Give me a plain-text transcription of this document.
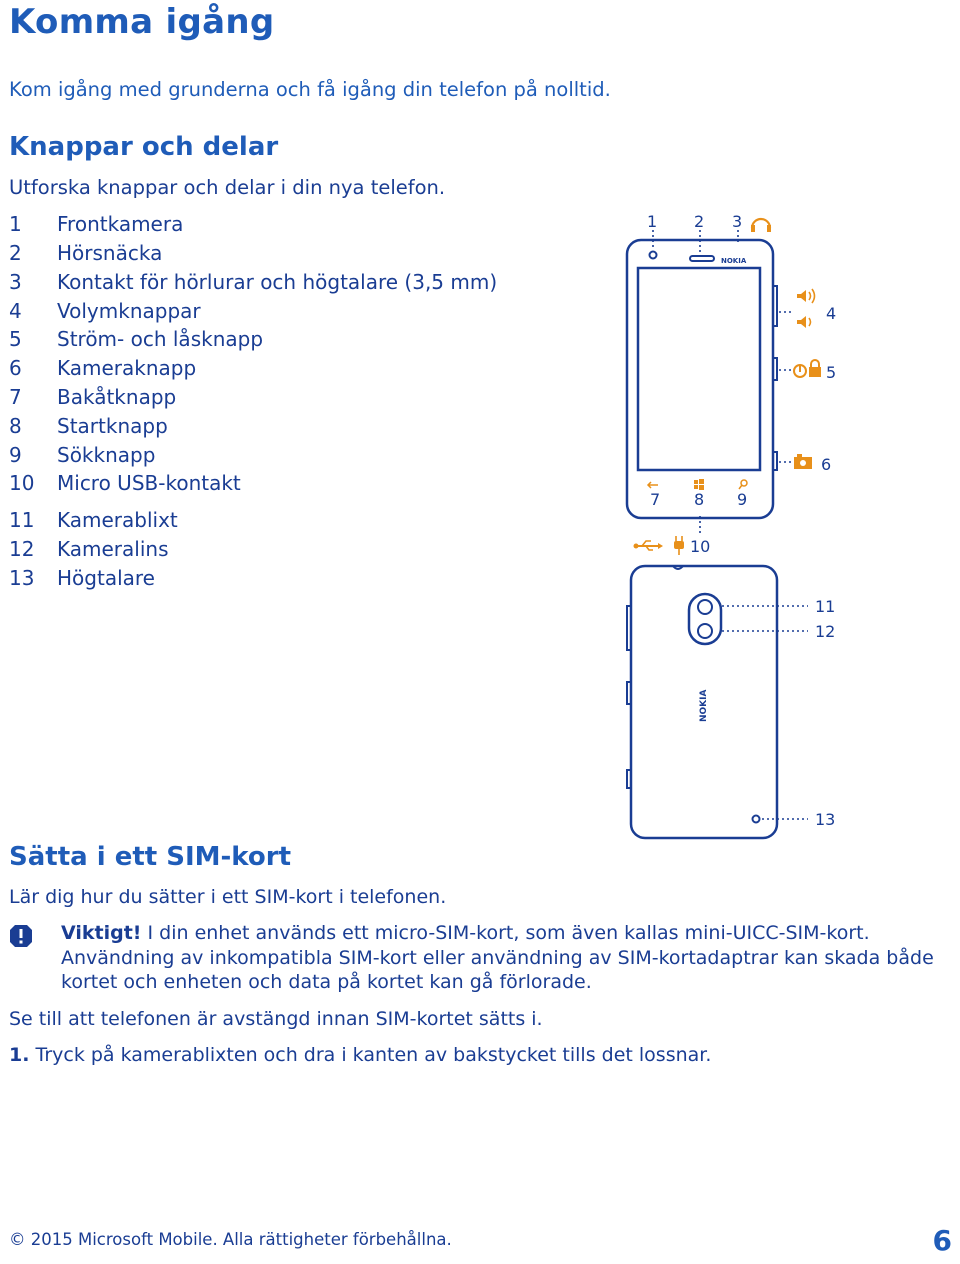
Komma igång
Kom igång med grunderna och få igång din telefon på nolltid.
Knappar och delar
Utforska knappar och delar i din nya telefon.
1 Frontkamera
2 Hörsnäcka
3 Kontakt för hörlurar och högtalare (3,5 mm)
4 Volymknappar
5 Ström- och låsknapp
6 Kameraknapp
7 Bakåtknapp
8 Startknapp
9 Sökknapp
10 Micro USB-kontakt
11 Kamerablixt
12 Kameralins
13 Högtalare
NOKIA
NOKIA
1 2 3
4
5
6
7 8 9
10
11
12
13
Sätta i ett SIM-kort
Lär dig hur du sätter i ett SIM-kort i telefonen.
Viktigt! I din enhet används ett micro-SIM-kort, som även kallas mini-UICC-SIM-kort.
Användning av inkompatibla SIM-kort eller användning av SIM-kortadaptrar kan skada både
kortet och enheten och data på kortet kan gå förlorade.
Se till att telefonen är avstängd innan SIM-kortet sätts i.
1. Tryck på kamerablixten och dra i kanten av bakstycket tills det lossnar.
© 2015 Microsoft Mobile. Alla rättigheter förbehållna.	6
